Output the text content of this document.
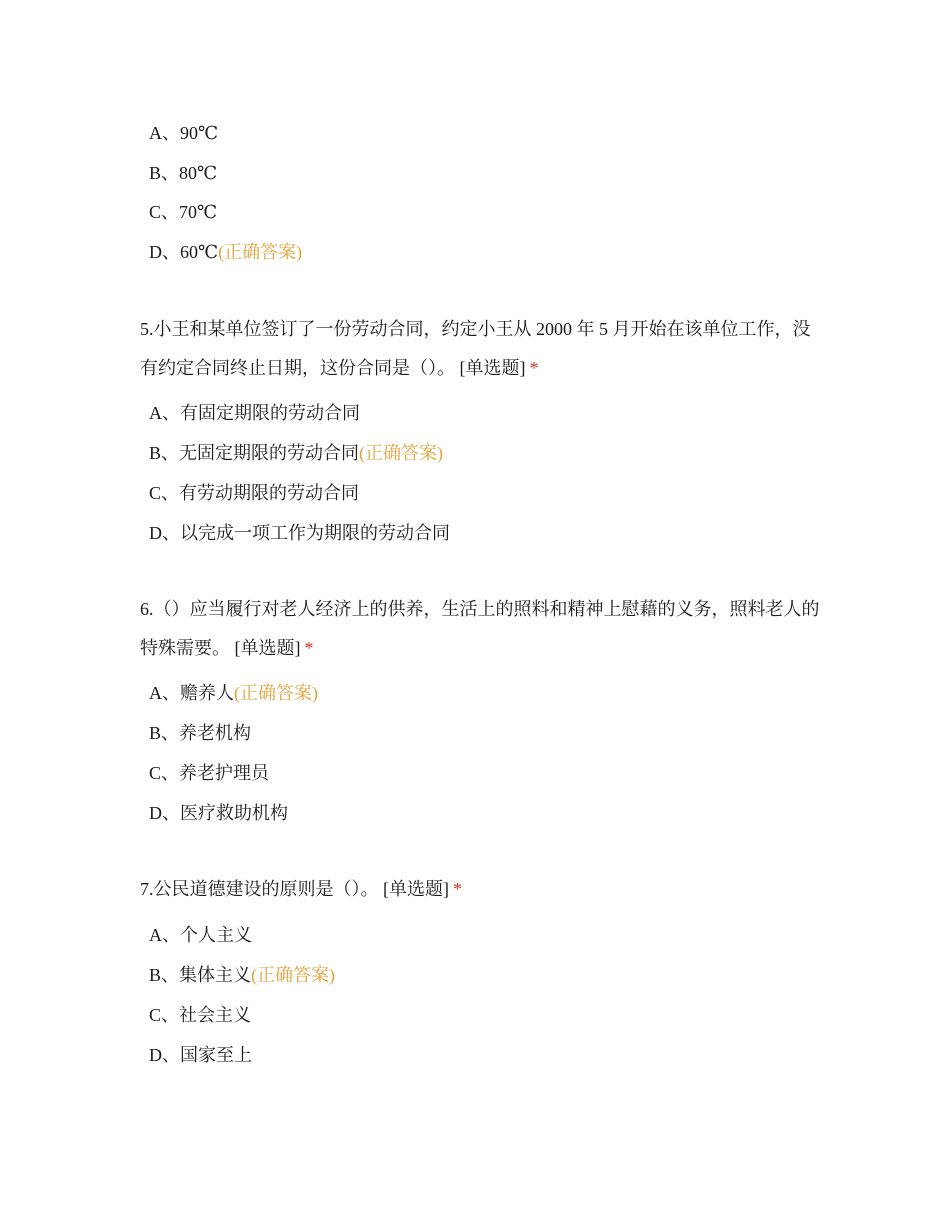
A、90℃
B、80℃
C、70℃
D、60℃(正确答案)
5.小王和某单位签订了一份劳动合同，约定小王从 2000 年 5 月开始在该单位工作，没有约定合同终止日期，这份合同是（）。 [单选题] *
A、有固定期限的劳动合同
B、无固定期限的劳动合同(正确答案)
C、有劳动期限的劳动合同
D、以完成一项工作为期限的劳动合同
6.（）应当履行对老人经济上的供养，生活上的照料和精神上慰藉的义务，照料老人的特殊需要。 [单选题] *
A、赡养人(正确答案)
B、养老机构
C、养老护理员
D、医疗救助机构
7.公民道德建设的原则是（）。 [单选题] *
A、个人主义
B、集体主义(正确答案)
C、社会主义
D、国家至上
